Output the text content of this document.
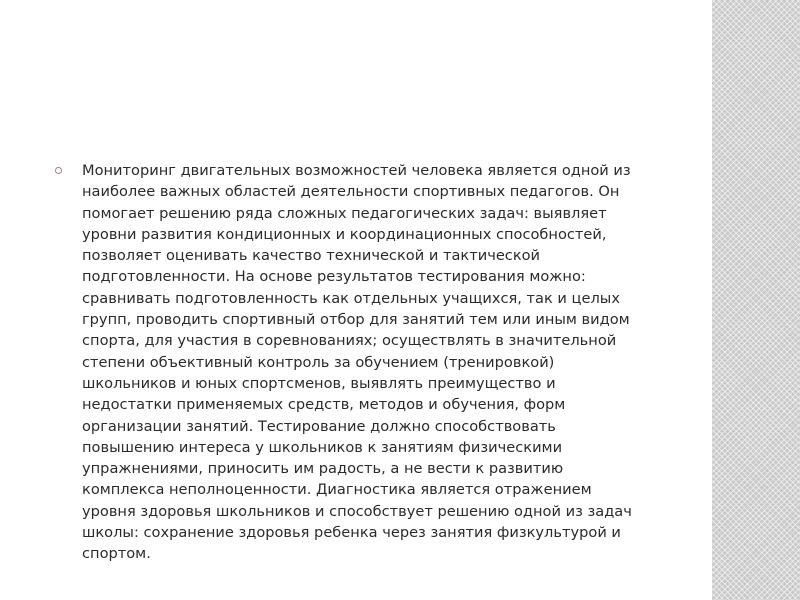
Мониторинг двигательных возможностей человека является одной из
наиболее важных областей деятельности спортивных педагогов. Он
помогает решению ряда сложных педагогических задач: выявляет
уровни развития кондиционных и координационных способностей,
позволяет оценивать качество технической и тактической
подготовленности. На основе результатов тестирования можно:
сравнивать подготовленность как отдельных учащихся, так и целых
групп, проводить спортивный отбор для занятий тем или иным видом
спорта, для участия в соревнованиях; осуществлять в значительной
степени объективный контроль за обучением (тренировкой)
школьников и юных спортсменов, выявлять преимущество и
недостатки применяемых средств, методов и обучения, форм
организации занятий. Тестирование должно способствовать
повышению интереса у школьников к занятиям физическими
упражнениями, приносить им радость, а не вести к развитию
комплекса неполноценности. Диагностика является отражением
уровня здоровья школьников и способствует решению одной из задач
школы: сохранение здоровья ребенка через занятия физкультурой и
спортом.
